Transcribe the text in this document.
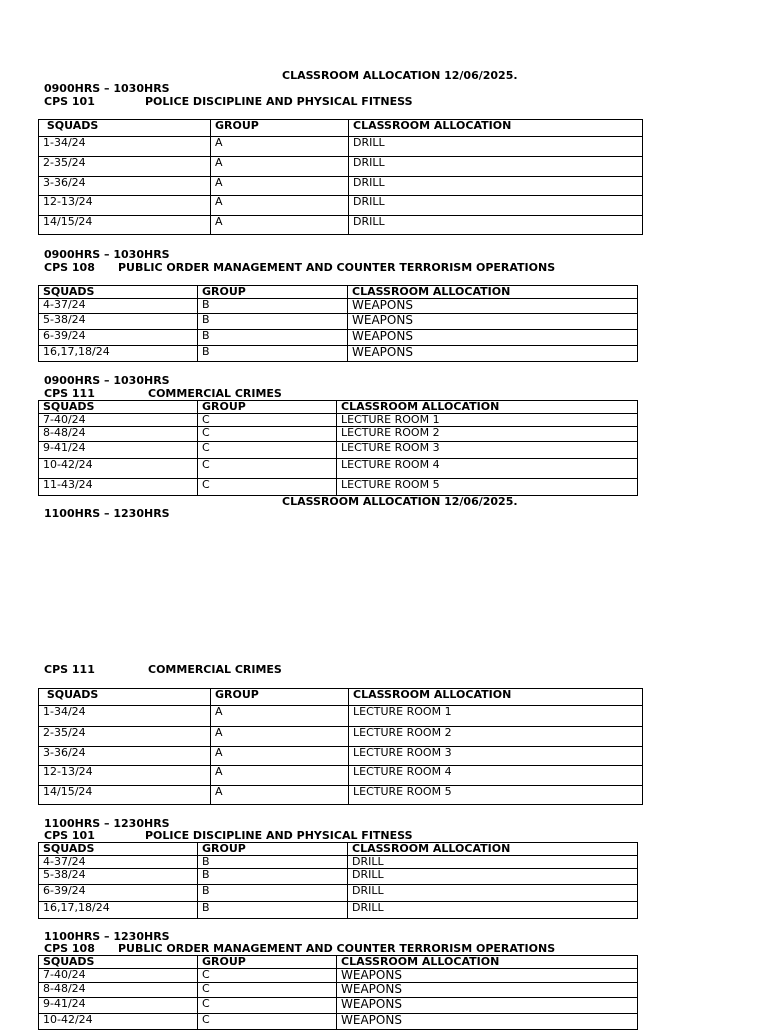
CLASSROOM ALLOCATION 12/06/2025.
0900HRS – 1030HRS
CPS 101	POLICE DISCIPLINE AND PHYSICAL FITNESS
SQUADS	GROUP	CLASSROOM ALLOCATION
1-34/24	A	DRILL
2-35/24	A	DRILL
3-36/24	A	DRILL
12-13/24	A	DRILL
14/15/24	A	DRILL
0900HRS – 1030HRS
CPS 108 PUBLIC ORDER MANAGEMENT AND COUNTER TERRORISM OPERATIONS
SQUADS	GROUP	CLASSROOM ALLOCATION
4-37/24	B	WEAPONS
5-38/24	B	WEAPONS
6-39/24	B	WEAPONS
16,17,18/24	B	WEAPONS
0900HRS – 1030HRS
CPS 111	COMMERCIAL CRIMES
SQUADS	GROUP	CLASSROOM ALLOCATION
7-40/24	C	LECTURE ROOM 1
8-48/24	C	LECTURE ROOM 2
9-41/24	C	LECTURE ROOM 3
10-42/24	C	LECTURE ROOM 4
11-43/24	C	LECTURE ROOM 5
CLASSROOM ALLOCATION 12/06/2025.
1100HRS – 1230HRS
CPS 111	COMMERCIAL CRIMES
SQUADS	GROUP	CLASSROOM ALLOCATION
1-34/24	A	LECTURE ROOM 1
2-35/24	A	LECTURE ROOM 2
3-36/24	A	LECTURE ROOM 3
12-13/24	A	LECTURE ROOM 4
14/15/24	A	LECTURE ROOM 5
1100HRS – 1230HRS
CPS 101	POLICE DISCIPLINE AND PHYSICAL FITNESS
SQUADS	GROUP	CLASSROOM ALLOCATION
4-37/24	B	DRILL
5-38/24	B	DRILL
6-39/24	B	DRILL
16,17,18/24	B	DRILL
1100HRS – 1230HRS
CPS 108 PUBLIC ORDER MANAGEMENT AND COUNTER TERRORISM OPERATIONS
SQUADS	GROUP	CLASSROOM ALLOCATION
7-40/24	C	WEAPONS
8-48/24	C	WEAPONS
9-41/24	C	WEAPONS
10-42/24	C	WEAPONS
